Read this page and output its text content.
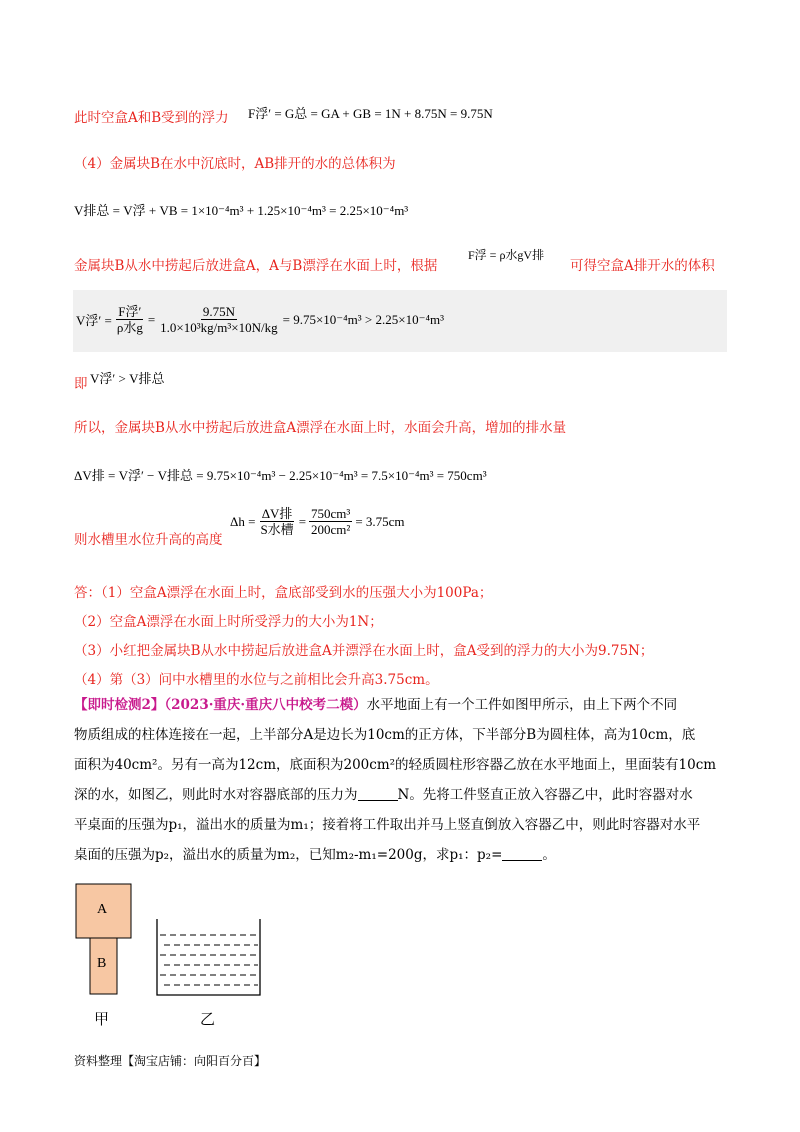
此时空盒A和B受到的浮力 F浮′ = G总 = GA + GB = 1N + 8.75N = 9.75N
（4）金属块B在水中沉底时，AB排开的水的总体积为
V排总 = V浮 + VB = 1×10⁻⁴m³ + 1.25×10⁻⁴m³ = 2.25×10⁻⁴m³
金属块B从水中捞起后放进盒A，A与B漂浮在水面上时，根据
F浮 = ρ水gV排
可得空盒A排开水的体积
V浮′ = $\frac{\text{F浮′}}{\text{ρ水g}} = \frac{9.75N}{\text{1.0×10³kg/m³×10N/kg}} = 9.75\times 10^{-4}m^3 > 2.25\times 10^{-4}m^3$
即 V浮′ > V排总
所以，金属块B从水中捞起后放进盒A漂浮在水面上时，水面会升高，增加的排水量
ΔV排 = V浮′ − V排总 = 9.75×10⁻⁴m³ − 2.25×10⁻⁴m³ = 7.5×10⁻⁴m³ = 750cm³
则水槽里水位升高的高度
$\Delta h = \frac{\text{ΔV排}}{\text{S水槽}} = \frac{\text{750cm³}}{\text{200cm²}} = 3.75cm$
答：（1）空盒A漂浮在水面上时，盒底部受到水的压强大小为100Pa；
（2）空盒A漂浮在水面上时所受浮力的大小为1N；
（3）小红把金属块B从水中捞起后放进盒A并漂浮在水面上时，盒A受到的浮力的大小为9.75N；
（4）第（3）问中水槽里的水位与之前相比会升高3.75cm。
【即时检测2】（2023·重庆·重庆八中校考二模）水平地面上有一个工件如图甲所示，由上下两个不同
物质组成的柱体连接在一起，上半部分A是边长为10cm的正方体，下半部分B为圆柱体，高为10cm，底
面积为40cm²。另有一高为12cm，底面积为200cm²的轻质圆柱形容器乙放在水平地面上，里面装有10cm
深的水，如图乙，则此时水对容器底部的压力为	N。先将工件竖直正放入容器乙中，此时容器对水
平桌面的压强为p₁，溢出水的质量为m₁；接着将工件取出并马上竖直倒放入容器乙中，则此时容器对水平
桌面的压强为p₂，溢出水的质量为m₂，已知m₂-m₁=200g，求p₁：p₂=	。
A
B
甲	乙
资料整理【淘宝店铺：向阳百分百】
